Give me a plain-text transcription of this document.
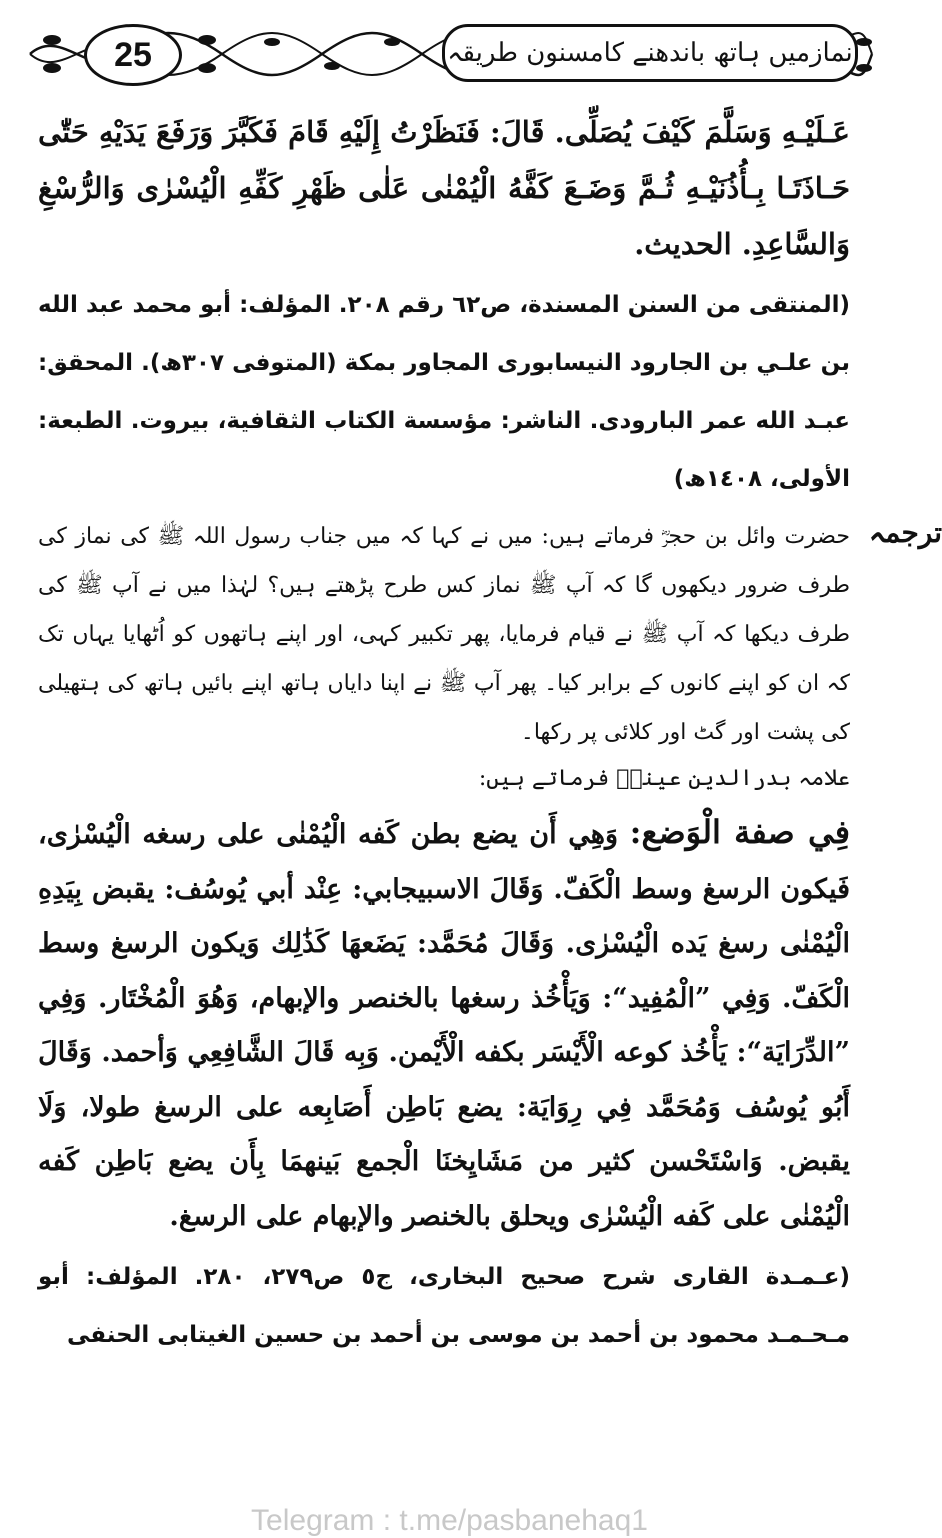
25	نمازمیں ہاتھ باندھنے کامسنون طریقہ

عَـلَيْـهِ وَسَلَّمَ كَيْفَ يُصَلِّى. قَالَ: فَنَظَرْتُ إِلَيْهِ قَامَ فَكَبَّرَ وَرَفَعَ يَدَيْهِ حَتّٰى حَـاذَتَـا بِـأُذُنَيْـهِ ثُـمَّ وَضَـعَ كَفَّهُ الْيُمْنٰى عَلٰى ظَهْرِ كَفِّهِ الْيُسْرٰى وَالرُّسْغِ وَالسَّاعِدِ. الحديث.

(المنتقى من السنن المسندة، ص٦٢ رقم ٢٠٨. المؤلف: أبو محمد عبد الله بن علـي بن الجارود النيسابورى المجاور بمكة (المتوفى ٣٠٧ھ). المحقق: عبـد الله عمر البارودى. الناشر: مؤسسة الكتاب الثقافية، بيروت. الطبعة: الأولى، ١٤٠٨ھ)

ترجمہ

حضرت وائل بن حجرؓ فرماتے ہیں: میں نے کہا کہ میں جناب رسول اللہ ﷺ کی نماز کی طرف ضرور دیکھوں گا کہ آپ ﷺ نماز کس طرح پڑھتے ہیں؟ لہٰذا میں نے آپ ﷺ کی طرف دیکھا کہ آپ ﷺ نے قیام فرمایا، پھر تکبیر کہی، اور اپنے ہاتھوں کو اُٹھایا یہاں تک کہ ان کو اپنے کانوں کے برابر کیا۔ پھر آپ ﷺ نے اپنا دایاں ہاتھ اپنے بائیں ہاتھ کی ہتھیلی کی پشت اور گٹ اور کلائی پر رکھا۔

علامہ بدرالدین عینیؒ فرماتے ہیں:

فِي صفة الْوَضع: وَهِي أَن يضع بطن كَفه الْيُمْنٰى على رسغه الْيُسْرٰى، فَيكون الرسغ وسط الْكَفّ. وَقَالَ الاسبيجابي: عِنْد أبي يُوسُف: يقبض بِيَدِهِ الْيُمْنٰى رسغ يَده الْيُسْرٰى. وَقَالَ مُحَمَّد: يَضَعهَا كَذَٰلِك وَيكون الرسغ وسط الْكَفّ. وَفِي ”الْمُفِيد“: وَيَأْخُذ رسغها بالخنصر والإبهام، وَهُوَ الْمُخْتَار. وَفِي ”الدِّرَايَة“: يَأْخُذ كوعه الْأَيْسَر بكفه الْأَيْمن. وَبِه قَالَ الشَّافِعِي وَأحمد. وَقَالَ أَبُو يُوسُف وَمُحَمَّد فِي رِوَايَة: يضع بَاطِن أَصَابِعه على الرسغ طولا، وَلَا يقبض. وَاسْتَحْسن كثير من مَشَايِخنَا الْجمع بَينهمَا بِأَن يضع بَاطِن كَفه الْيُمْنٰى على كَفه الْيُسْرٰى ويحلق بالخنصر والإبهام على الرسغ.

(عـمـدة القارى شرح صحيح البخارى، ج٥ ص٢٧٩، ٢٨٠. المؤلف: أبو مـحـمـد محمود بن أحمد بن موسى بن أحمد بن حسين الغيتابى الحنفى

Telegram : t.me/pasbanehaq1
